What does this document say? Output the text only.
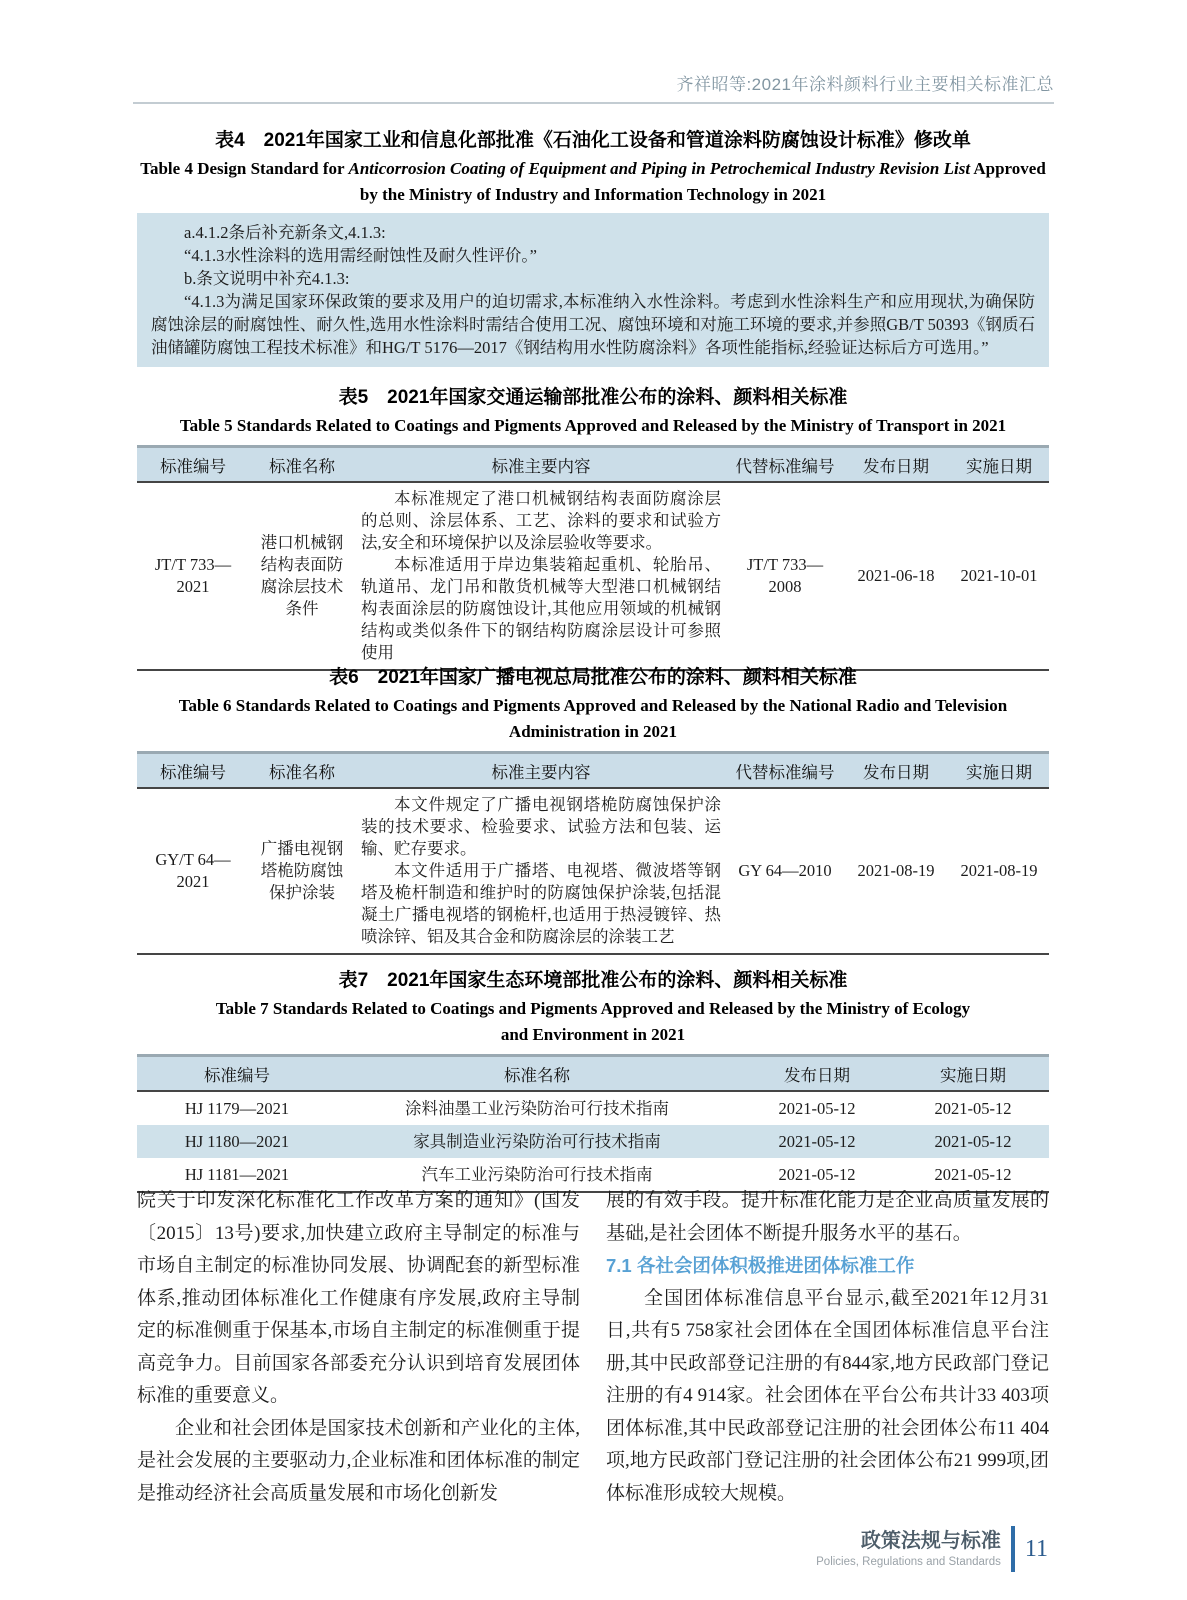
齐祥昭等:2021年涂料颜料行业主要相关标准汇总
表4　2021年国家工业和信息化部批准《石油化工设备和管道涂料防腐蚀设计标准》修改单
Table 4 Design Standard for Anticorrosion Coating of Equipment and Piping in Petrochemical Industry Revision List Approved by the Ministry of Industry and Information Technology in 2021

a.4.1.2条后补充新条文,4.1.3:

“4.1.3水性涂料的选用需经耐蚀性及耐久性评价。”

b.条文说明中补充4.1.3:

“4.1.3为满足国家环保政策的要求及用户的迫切需求,本标准纳入水性涂料。考虑到水性涂料生产和应用现状,为确保防腐蚀涂层的耐腐蚀性、耐久性,选用水性涂料时需结合使用工况、腐蚀环境和对施工环境的要求,并参照GB/T 50393《钢质石油储罐防腐蚀工程技术标准》和HG/T 5176—2017《钢结构用水性防腐涂料》各项性能指标,经验证达标后方可选用。”

表5　2021年国家交通运输部批准公布的涂料、颜料相关标准
Table 5 Standards Related to Coatings and Pigments Approved and Released by the Ministry of Transport in 2021
标准编号	标准名称	标准主要内容	代替标准编号	发布日期	实施日期
JT/T 733—2021	港口机械钢结构表面防腐涂层技术条件	本标准规定了港口机械钢结构表面防腐涂层的总则、涂层体系、工艺、涂料的要求和试验方法,安全和环境保护以及涂层验收等要求。

本标准适用于岸边集装箱起重机、轮胎吊、轨道吊、龙门吊和散货机械等大型港口机械钢结构表面涂层的防腐蚀设计,其他应用领域的机械钢结构或类似条件下的钢结构防腐涂层设计可参照使用	JT/T 733—2008	2021-06-18	2021-10-01
表6　2021年国家广播电视总局批准公布的涂料、颜料相关标准
Table 6 Standards Related to Coatings and Pigments Approved and Released by the National Radio and Television Administration in 2021
标准编号	标准名称	标准主要内容	代替标准编号	发布日期	实施日期
GY/T 64—2021	广播电视钢塔桅防腐蚀保护涂装	本文件规定了广播电视钢塔桅防腐蚀保护涂装的技术要求、检验要求、试验方法和包装、运输、贮存要求。

本文件适用于广播塔、电视塔、微波塔等钢塔及桅杆制造和维护时的防腐蚀保护涂装,包括混凝土广播电视塔的钢桅杆,也适用于热浸镀锌、热喷涂锌、铝及其合金和防腐涂层的涂装工艺	GY 64—2010	2021-08-19	2021-08-19
表7　2021年国家生态环境部批准公布的涂料、颜料相关标准
Table 7 Standards Related to Coatings and Pigments Approved and Released by the Ministry of Ecology and Environment in 2021
标准编号	标准名称	发布日期	实施日期
HJ 1179—2021	涂料油墨工业污染防治可行技术指南	2021-05-12	2021-05-12
HJ 1180—2021	家具制造业污染防治可行技术指南	2021-05-12	2021-05-12
HJ 1181—2021	汽车工业污染防治可行技术指南	2021-05-12	2021-05-12

院关于印发深化标准化工作改革方案的通知》(国发〔2015〕13号)要求,加快建立政府主导制定的标准与市场自主制定的标准协同发展、协调配套的新型标准体系,推动团体标准化工作健康有序发展,政府主导制定的标准侧重于保基本,市场自主制定的标准侧重于提高竞争力。目前国家各部委充分认识到培育发展团体标准的重要意义。

企业和社会团体是国家技术创新和产业化的主体,是社会发展的主要驱动力,企业标准和团体标准的制定是推动经济社会高质量发展和市场化创新发

展的有效手段。提升标准化能力是企业高质量发展的基础,是社会团体不断提升服务水平的基石。

7.1 各社会团体积极推进团体标准工作

全国团体标准信息平台显示,截至2021年12月31日,共有5 758家社会团体在全国团体标准信息平台注册,其中民政部登记注册的有844家,地方民政部门登记注册的有4 914家。社会团体在平台公布共计33 403项团体标准,其中民政部登记注册的社会团体公布11 404项,地方民政部门登记注册的社会团体公布21 999项,团体标准形成较大规模。

政策法规与标准
Policies, Regulations and Standards 11
